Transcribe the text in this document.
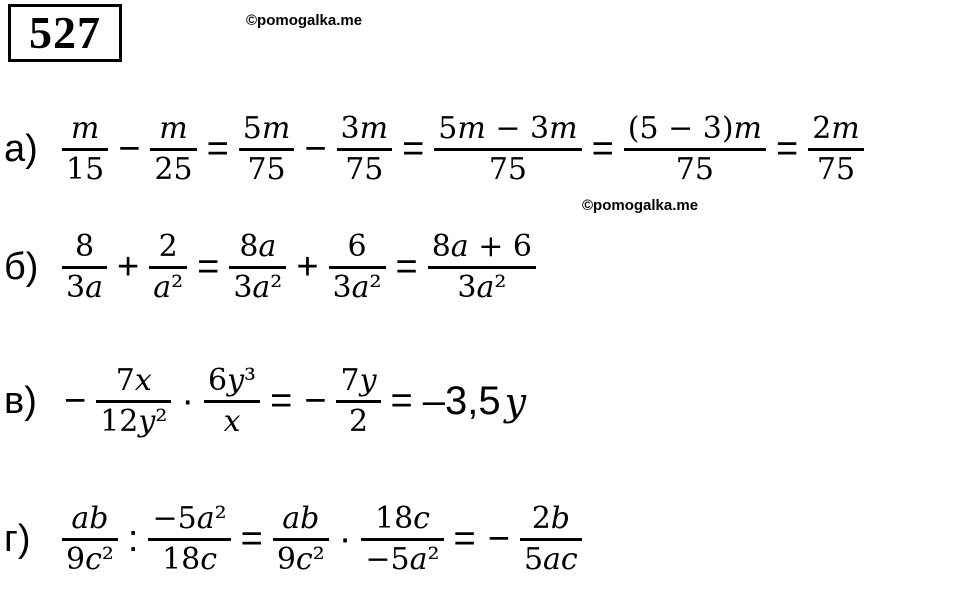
527	©pomogalka.me
©pomogalka.me
$а) \frac{\text{𝑚}}{15} - \frac{\text{𝑚}}{25} = \frac{\text{5𝑚}}{75} - \frac{\text{3𝑚}}{75} = \frac{\text{5𝑚 − 3𝑚}}{75} = \frac{\text{(5 − 3)𝑚}}{75} = \frac{\text{2𝑚}}{75}$
$б) \frac{8}{\text{3𝑎}} + \frac{2}{\text{𝑎²}} = \frac{\text{8𝑎}}{\text{3𝑎²}} + \frac{6}{\text{3𝑎²}} = \frac{\text{8𝑎 + 6}}{\text{3𝑎²}}$
$в) - \frac{\text{7𝑥}}{\text{12𝑦²}} \cdot \frac{\text{6𝑦³}}{\text{𝑥}}$ = − $\frac{\text{7𝑦}}{2} = -3,5$ 𝑦
г)	$\frac{\text{𝑎𝑏}}{\text{9𝑐²}}$ : $\frac{\text{−5𝑎²}}{\text{18𝑐}} = \frac{\text{𝑎𝑏}}{\text{9𝑐²}} \cdot \frac{\text{18𝑐}}{\text{−5𝑎²}}$ = − $\frac{\text{2𝑏}}{\text{5𝑎𝑐}}$
